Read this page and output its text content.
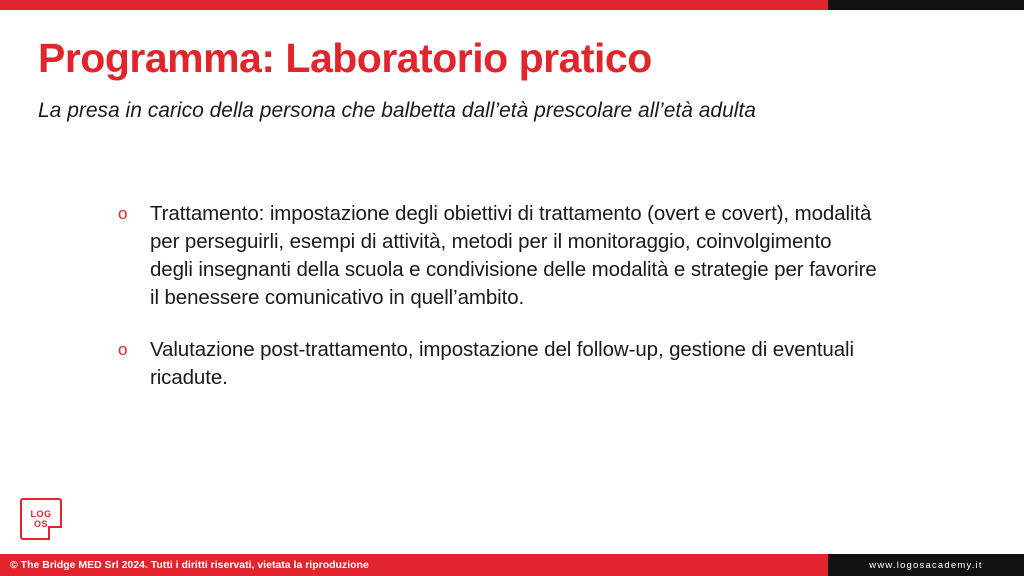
Programma: Laboratorio pratico
La presa in carico della persona che balbetta dall’età prescolare all’età adulta
o	Trattamento: impostazione degli obiettivi di trattamento (overt e covert), modalità per perseguirli, esempi di attività, metodi per il monitoraggio, coinvolgimento degli insegnanti della scuola e condivisione delle modalità e strategie per favorire il benessere comunicativo in quell’ambito.
o	Valutazione post-trattamento, impostazione del follow-up, gestione di eventuali ricadute.
LOG
OS
© The Bridge MED Srl 2024. Tutti i diritti riservati, vietata la riproduzione	www.logosacademy.it
